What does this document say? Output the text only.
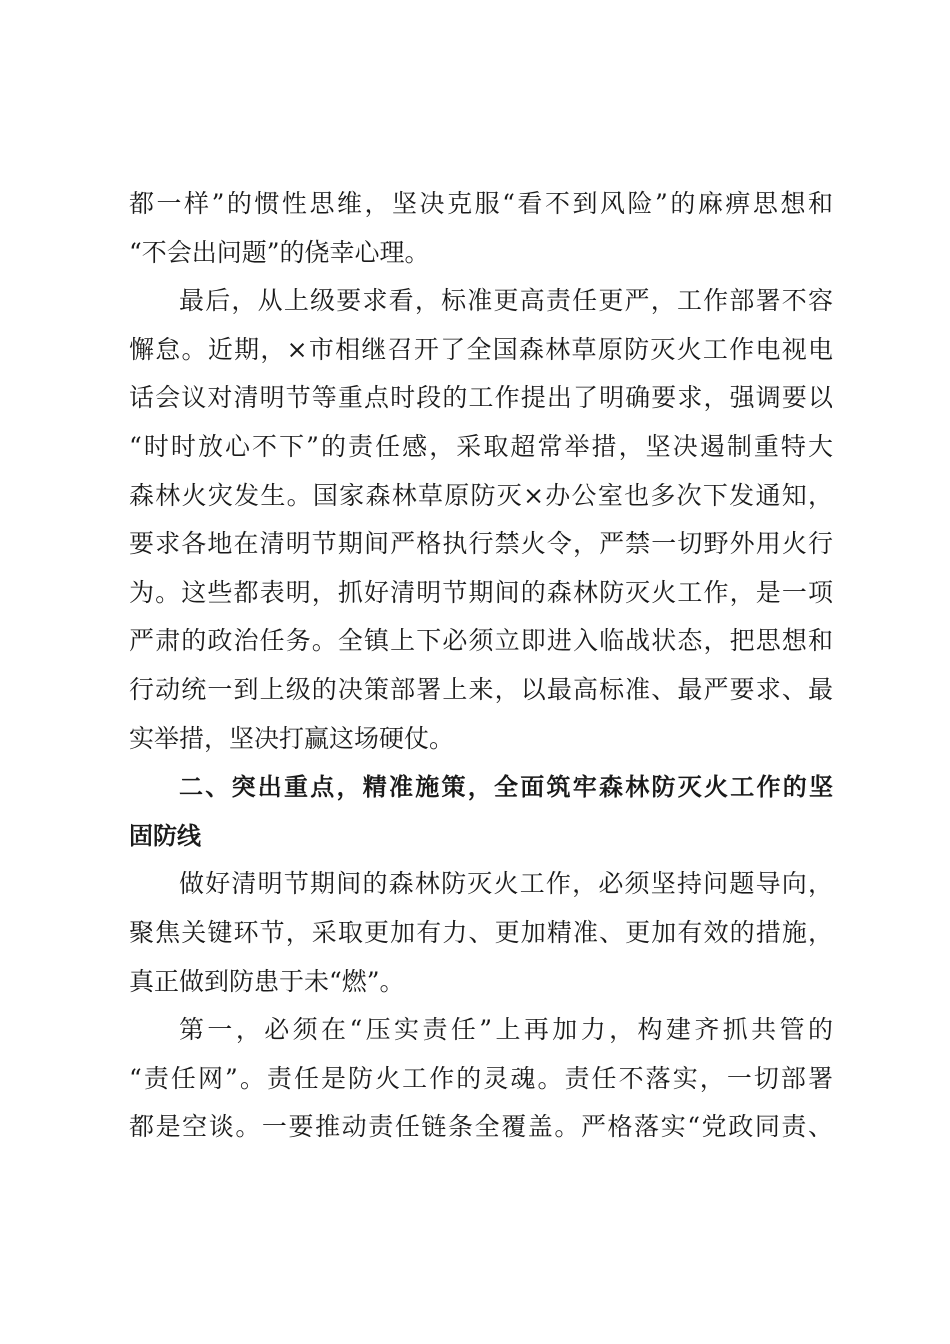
都一样”的惯性思维，坚决克服“看不到风险”的麻痹思想和
“不会出问题”的侥幸心理。
最后，从上级要求看，标准更高责任更严，工作部署不容
懈怠。近期，×市相继召开了全国森林草原防灭火工作电视电
话会议对清明节等重点时段的工作提出了明确要求，强调要以
“时时放心不下”的责任感，采取超常举措，坚决遏制重特大
森林火灾发生。国家森林草原防灭×办公室也多次下发通知，
要求各地在清明节期间严格执行禁火令，严禁一切野外用火行
为。这些都表明，抓好清明节期间的森林防灭火工作，是一项
严肃的政治任务。全镇上下必须立即进入临战状态，把思想和
行动统一到上级的决策部署上来，以最高标准、最严要求、最
实举措，坚决打赢这场硬仗。
二、突出重点，精准施策，全面筑牢森林防灭火工作的坚
固防线
做好清明节期间的森林防灭火工作，必须坚持问题导向，
聚焦关键环节，采取更加有力、更加精准、更加有效的措施，
真正做到防患于未“燃”。
第一，必须在“压实责任”上再加力，构建齐抓共管的
“责任网”。责任是防火工作的灵魂。责任不落实，一切部署
都是空谈。一要推动责任链条全覆盖。严格落实“党政同责、
